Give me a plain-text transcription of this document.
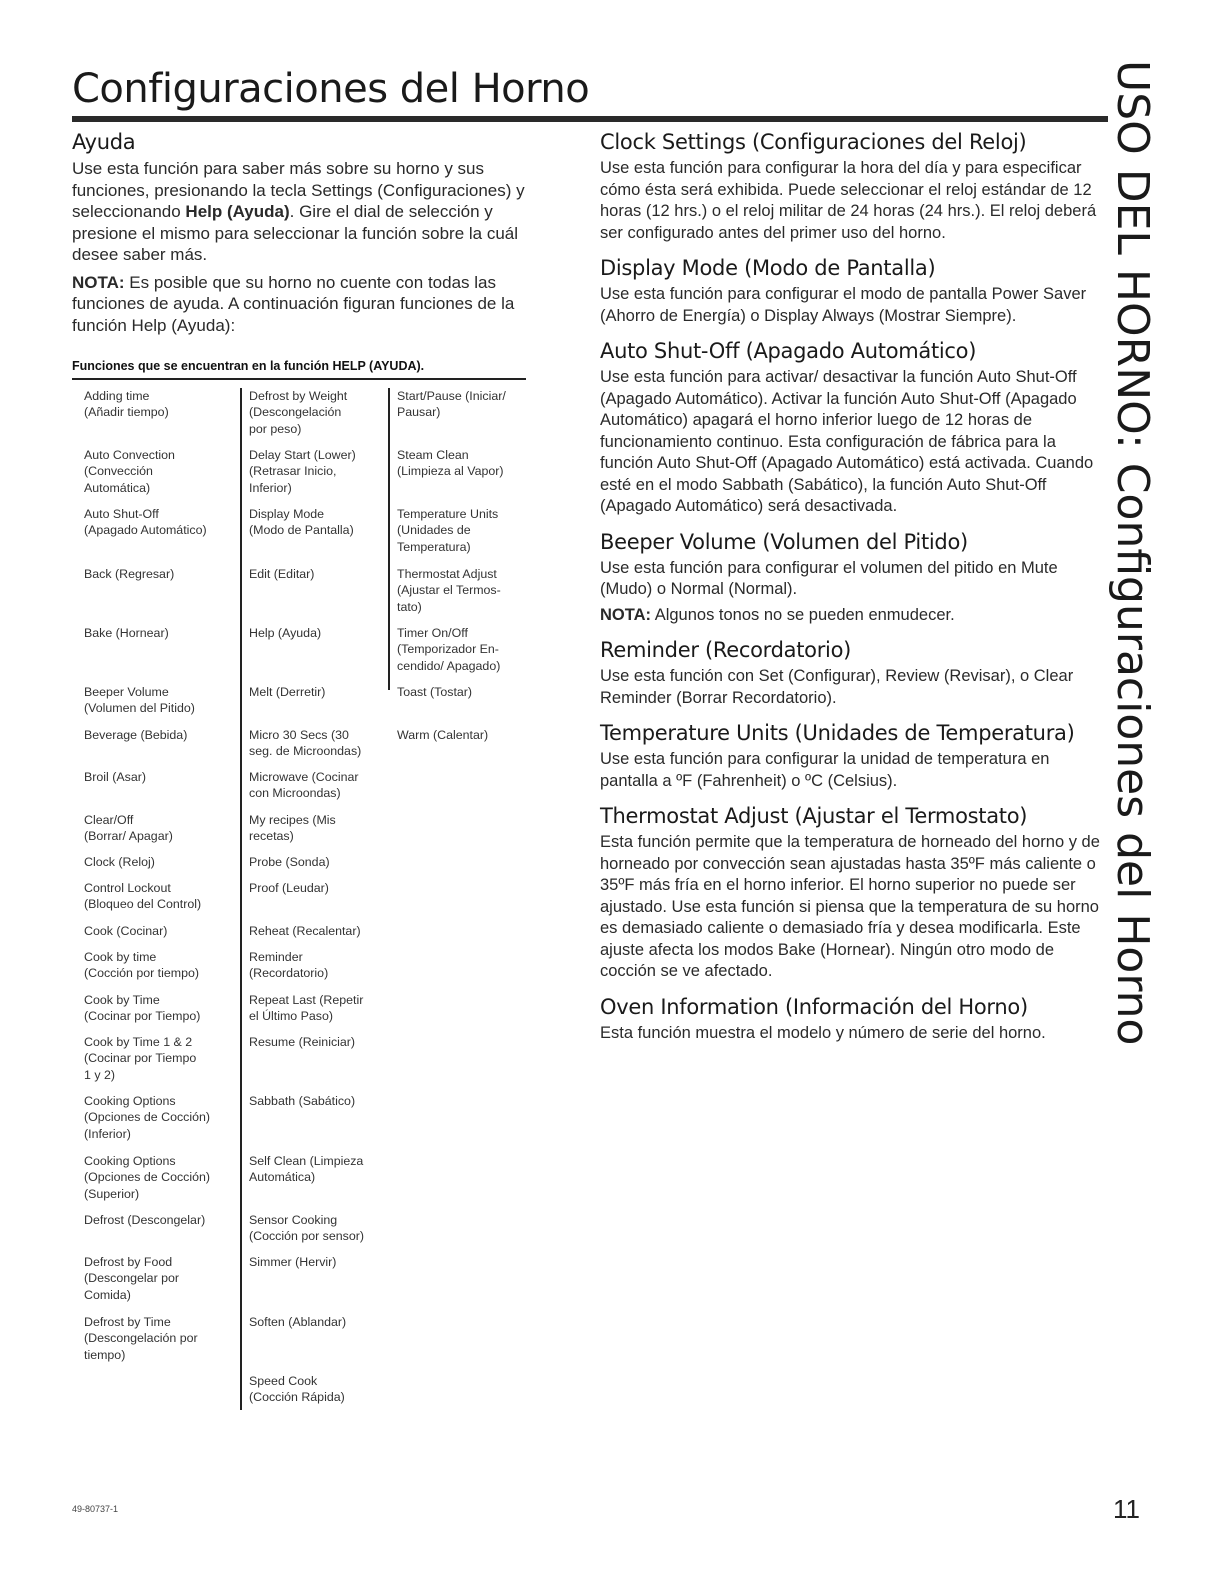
Configuraciones del Horno
Ayuda

Use esta función para saber más sobre su horno y sus funciones, presionando la tecla Settings (Configuraciones) y seleccionando Help (Ayuda). Gire el dial de selección y presione el mismo para seleccionar la función sobre la cuál desee saber más.

NOTA: Es posible que su horno no cuente con todas las funciones de ayuda. A continuación figuran funciones de la función Help (Ayuda):

Funciones que se encuentran en la función HELP (AYUDA).
Adding time
(Añadir tiempo)
Auto Convection
(Convección
Automática)
Auto Shut-Off
(Apagado Automático)
Back (Regresar)
Bake (Hornear)
Beeper Volume
(Volumen del Pitido)
Beverage (Bebida)
Broil (Asar)
Clear/Off
(Borrar/ Apagar)
Clock (Reloj)
Control Lockout
(Bloqueo del Control)
Cook (Cocinar)
Cook by time
(Cocción por tiempo)
Cook by Time
(Cocinar por Tiempo)
Cook by Time 1 & 2
(Cocinar por Tiempo
1 y 2)
Cooking Options
(Opciones de Cocción)
(Inferior)
Cooking Options
(Opciones de Cocción)
(Superior)
Defrost (Descongelar)
Defrost by Food
(Descongelar por
Comida)
Defrost by Time
(Descongelación por
tiempo)
Defrost by Weight
(Descongelación
por peso)
Delay Start (Lower)
(Retrasar Inicio,
Inferior)
Display Mode
(Modo de Pantalla)
Edit (Editar)
Help (Ayuda)
Melt (Derretir)
Micro 30 Secs (30
seg. de Microondas)
Microwave (Cocinar
con Microondas)
My recipes (Mis
recetas)
Probe (Sonda)
Proof (Leudar)
Reheat (Recalentar)
Reminder
(Recordatorio)
Repeat Last (Repetir
el Último Paso)
Resume (Reiniciar)
Sabbath (Sabático)
Self Clean (Limpieza
Automática)
Sensor Cooking
(Cocción por sensor)
Simmer (Hervir)
Soften (Ablandar)
Speed Cook
(Cocción Rápida)
Start/Pause (Iniciar/
Pausar)
Steam Clean
(Limpieza al Vapor)
Temperature Units
(Unidades de
Temperatura)
Thermostat Adjust
(Ajustar el Termos-
tato)
Timer On/Off
(Temporizador En-
cendido/ Apagado)
Toast (Tostar)
Warm (Calentar)
Clock Settings (Configuraciones del Reloj)

Use esta función para configurar la hora del día y para especificar cómo ésta será exhibida. Puede seleccionar el reloj estándar de 12 horas (12 hrs.) o el reloj militar de 24 horas (24 hrs.). El reloj deberá ser configurado antes del primer uso del horno.

Display Mode (Modo de Pantalla)

Use esta función para configurar el modo de pantalla Power Saver (Ahorro de Energía) o Display Always (Mostrar Siempre).

Auto Shut-Off (Apagado Automático)

Use esta función para activar/ desactivar la función Auto Shut-Off (Apagado Automático). Activar la función Auto Shut-Off (Apagado Automático) apagará el horno inferior luego de 12 horas de funcionamiento continuo. Esta configuración de fábrica para la función Auto Shut-Off (Apagado Automático) está activada. Cuando esté en el modo Sabbath (Sabático), la función Auto Shut-Off (Apagado Automático) será desactivada.

Beeper Volume (Volumen del Pitido)

Use esta función para configurar el volumen del pitido en Mute (Mudo) o Normal (Normal).

NOTA: Algunos tonos no se pueden enmudecer.

Reminder (Recordatorio)

Use esta función con Set (Configurar), Review (Revisar), o Clear Reminder (Borrar Recordatorio).

Temperature Units (Unidades de Temperatura)

Use esta función para configurar la unidad de temperatura en pantalla a ºF (Fahrenheit) o ºC (Celsius).

Thermostat Adjust (Ajustar el Termostato)

Esta función permite que la temperatura de horneado del horno y de horneado por convección sean ajustadas hasta 35ºF más caliente o 35ºF más fría en el horno inferior. El horno superior no puede ser ajustado. Use esta función si piensa que la temperatura de su horno es demasiado caliente o demasiado fría y desea modificarla. Este ajuste afecta los modos Bake (Hornear). Ningún otro modo de cocción se ve afectado.

Oven Information (Información del Horno)

Esta función muestra el modelo y número de serie del horno.	USO DEL HORNO: Configuraciones del Horno
49-80737-1	11
